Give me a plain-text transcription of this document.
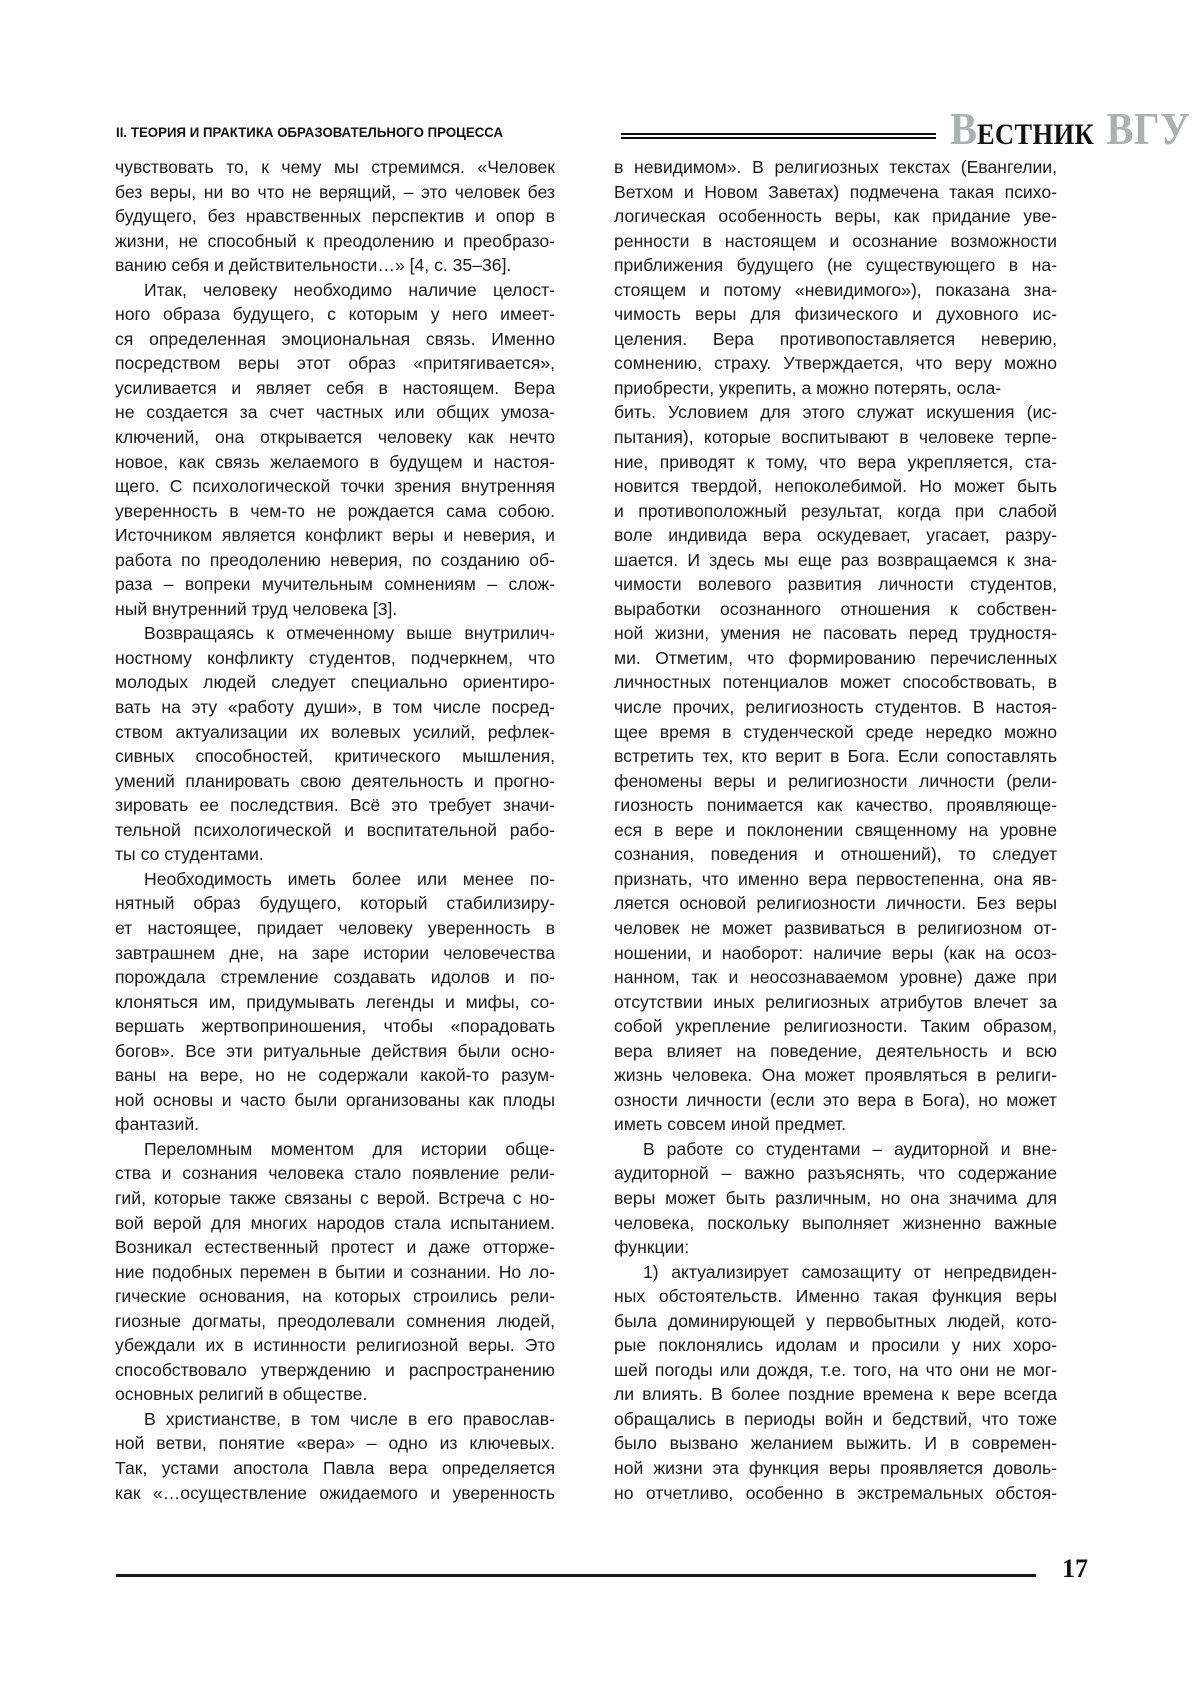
II. ТЕОРИЯ И ПРАКТИКА ОБРАЗОВАТЕЛЬНОГО ПРОЦЕССА	ВЕСТНИК ВГУ
чувствовать то, к чему мы стремимся. «Человек
без веры, ни во что не верящий, – это человек без
будущего, без нравственных перспектив и опор в
жизни, не способный к преодолению и преобразо-
ванию себя и действительности…» [4, с. 35–36].
Итак, человеку необходимо наличие целост-
ного образа будущего, с которым у него имеет-
ся определенная эмоциональная связь. Именно
посредством веры этот образ «притягивается»,
усиливается и являет себя в настоящем. Вера
не создается за счет частных или общих умоза-
ключений, она открывается человеку как нечто
новое, как связь желаемого в будущем и настоя-
щего. С психологической точки зрения внутренняя
уверенность в чем-то не рождается сама собою.
Источником является конфликт веры и неверия, и
работа по преодолению неверия, по созданию об-
раза – вопреки мучительным сомнениям – слож-
ный внутренний труд человека [3].
Возвращаясь к отмеченному выше внутрилич-
ностному конфликту студентов, подчеркнем, что
молодых людей следует специально ориентиро-
вать на эту «работу души», в том числе посред-
ством актуализации их волевых усилий, рефлек-
сивных способностей, критического мышления,
умений планировать свою деятельность и прогно-
зировать ее последствия. Всё это требует значи-
тельной психологической и воспитательной рабо-
ты со студентами.
Необходимость иметь более или менее по-
нятный образ будущего, который стабилизиру-
ет настоящее, придает человеку уверенность в
завтрашнем дне, на заре истории человечества
порождала стремление создавать идолов и по-
клоняться им, придумывать легенды и мифы, со-
вершать жертвоприношения, чтобы «порадовать
богов». Все эти ритуальные действия были осно-
ваны на вере, но не содержали какой-то разум-
ной основы и часто были организованы как плоды
фантазий.
Переломным моментом для истории обще-
ства и сознания человека стало появление рели-
гий, которые также связаны с верой. Встреча с но-
вой верой для многих народов стала испытанием.
Возникал естественный протест и даже отторже-
ние подобных перемен в бытии и сознании. Но ло-
гические основания, на которых строились рели-
гиозные догматы, преодолевали сомнения людей,
убеждали их в истинности религиозной веры. Это
способствовало утверждению и распространению
основных религий в обществе.
В христианстве, в том числе в его православ-
ной ветви, понятие «вера» – одно из ключевых.
Так, устами апостола Павла вера определяется
как «…осуществление ожидаемого и уверенность
в невидимом». В религиозных текстах (Евангелии,
Ветхом и Новом Заветах) подмечена такая психо-
логическая особенность веры, как придание уве-
ренности в настоящем и осознание возможности
приближения будущего (не существующего в на-
стоящем и потому «невидимого»), показана зна-
чимость веры для физического и духовного ис-
целения. Вера противопоставляется неверию,
сомнению, страху. Утверждается, что веру можно
приобрести, укрепить, а можно потерять, осла-
бить. Условием для этого служат искушения (ис-
пытания), которые воспитывают в человеке терпе-
ние, приводят к тому, что вера укрепляется, ста-
новится твердой, непоколебимой. Но может быть
и противоположный результат, когда при слабой
воле индивида вера оскудевает, угасает, разру-
шается. И здесь мы еще раз возвращаемся к зна-
чимости волевого развития личности студентов,
выработки осознанного отношения к собствен-
ной жизни, умения не пасовать перед трудностя-
ми. Отметим, что формированию перечисленных
личностных потенциалов может способствовать, в
числе прочих, религиозность студентов. В настоя-
щее время в студенческой среде нередко можно
встретить тех, кто верит в Бога. Если сопоставлять
феномены веры и религиозности личности (рели-
гиозность понимается как качество, проявляюще-
еся в вере и поклонении священному на уровне
сознания, поведения и отношений), то следует
признать, что именно вера первостепенна, она яв-
ляется основой религиозности личности. Без веры
человек не может развиваться в религиозном от-
ношении, и наоборот: наличие веры (как на осоз-
нанном, так и неосознаваемом уровне) даже при
отсутствии иных религиозных атрибутов влечет за
собой укрепление религиозности. Таким образом,
вера влияет на поведение, деятельность и всю
жизнь человека. Она может проявляться в религи-
озности личности (если это вера в Бога), но может
иметь совсем иной предмет.
В работе со студентами – аудиторной и вне-
аудиторной – важно разъяснять, что содержание
веры может быть различным, но она значима для
человека, поскольку выполняет жизненно важные
функции:
1) актуализирует самозащиту от непредвиден-
ных обстоятельств. Именно такая функция веры
была доминирующей у первобытных людей, кото-
рые поклонялись идолам и просили у них хоро-
шей погоды или дождя, т.е. того, на что они не мог-
ли влиять. В более поздние времена к вере всегда
обращались в периоды войн и бедствий, что тоже
было вызвано желанием выжить. И в современ-
ной жизни эта функция веры проявляется доволь-
но отчетливо, особенно в экстремальных обстоя-
17
